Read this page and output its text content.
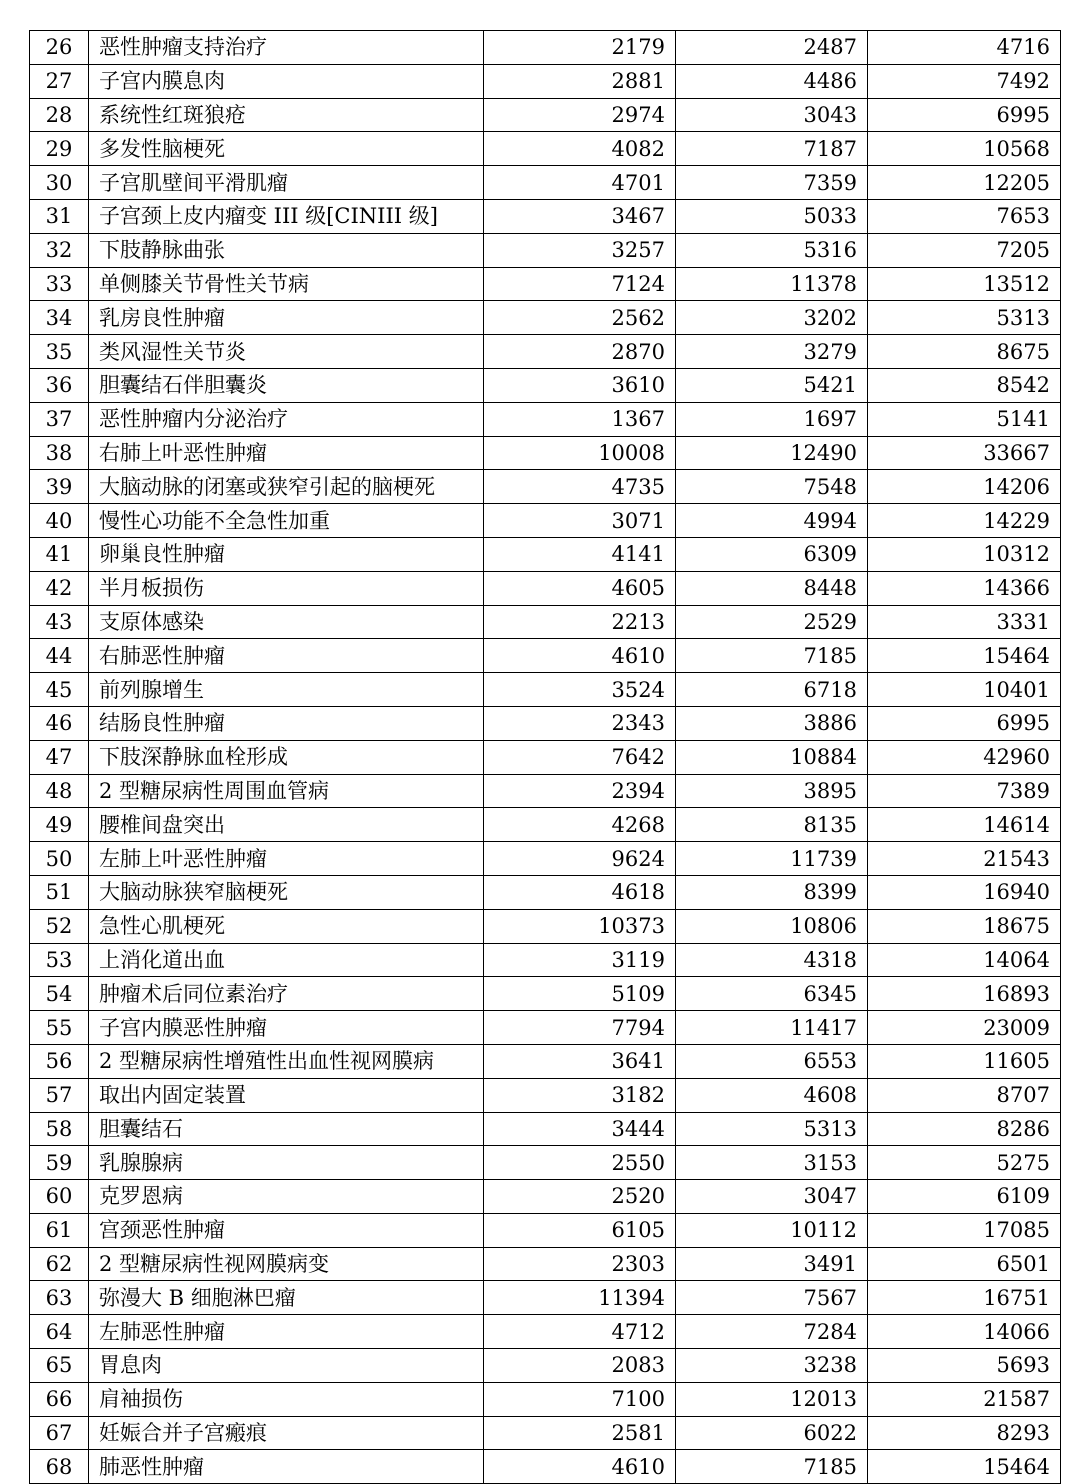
26	恶性肿瘤支持治疗	2179	2487	4716
27	子宫内膜息肉	2881	4486	7492
28	系统性红斑狼疮	2974	3043	6995
29	多发性脑梗死	4082	7187	10568
30	子宫肌壁间平滑肌瘤	4701	7359	12205
31	子宫颈上皮内瘤变 III 级[CINIII 级]	3467	5033	7653
32	下肢静脉曲张	3257	5316	7205
33	单侧膝关节骨性关节病	7124	11378	13512
34	乳房良性肿瘤	2562	3202	5313
35	类风湿性关节炎	2870	3279	8675
36	胆囊结石伴胆囊炎	3610	5421	8542
37	恶性肿瘤内分泌治疗	1367	1697	5141
38	右肺上叶恶性肿瘤	10008	12490	33667
39	大脑动脉的闭塞或狭窄引起的脑梗死	4735	7548	14206
40	慢性心功能不全急性加重	3071	4994	14229
41	卵巢良性肿瘤	4141	6309	10312
42	半月板损伤	4605	8448	14366
43	支原体感染	2213	2529	3331
44	右肺恶性肿瘤	4610	7185	15464
45	前列腺增生	3524	6718	10401
46	结肠良性肿瘤	2343	3886	6995
47	下肢深静脉血栓形成	7642	10884	42960
48	2 型糖尿病性周围血管病	2394	3895	7389
49	腰椎间盘突出	4268	8135	14614
50	左肺上叶恶性肿瘤	9624	11739	21543
51	大脑动脉狭窄脑梗死	4618	8399	16940
52	急性心肌梗死	10373	10806	18675
53	上消化道出血	3119	4318	14064
54	肿瘤术后同位素治疗	5109	6345	16893
55	子宫内膜恶性肿瘤	7794	11417	23009
56	2 型糖尿病性增殖性出血性视网膜病	3641	6553	11605
57	取出内固定装置	3182	4608	8707
58	胆囊结石	3444	5313	8286
59	乳腺腺病	2550	3153	5275
60	克罗恩病	2520	3047	6109
61	宫颈恶性肿瘤	6105	10112	17085
62	2 型糖尿病性视网膜病变	2303	3491	6501
63	弥漫大 B 细胞淋巴瘤	11394	7567	16751
64	左肺恶性肿瘤	4712	7284	14066
65	胃息肉	2083	3238	5693
66	肩袖损伤	7100	12013	21587
67	妊娠合并子宫瘢痕	2581	6022	8293
68	肺恶性肿瘤	4610	7185	15464
